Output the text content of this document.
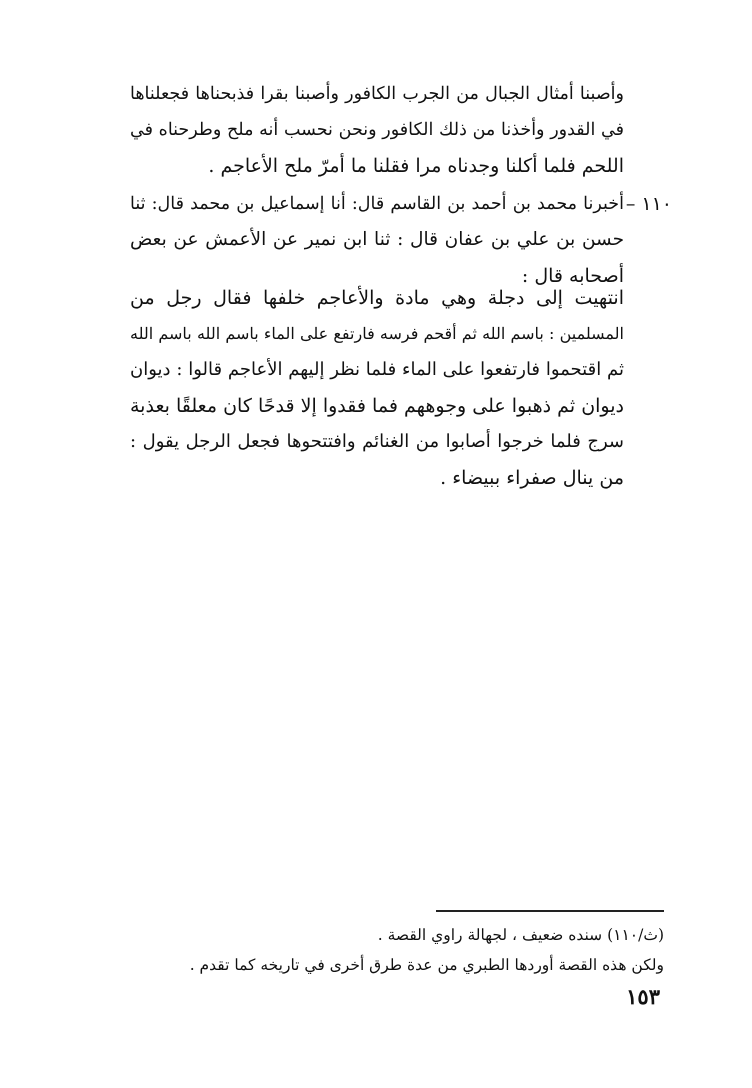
وأصبنا أمثال الجبال من الجرب الكافور وأصبنا بقرا فذبحناها فجعلناها
في القدور وأخذنا من ذلك الكافور ونحن نحسب أنه ملح وطرحناه في
اللحم فلما أكلنا وجدناه مرا فقلنا ما أمرّ ملح الأعاجم .
١١٠ –
أخبرنا محمد بن أحمد بن القاسم قال: أنا إسماعيل بن محمد قال: ثنا
حسن بن علي بن عفان قال : ثنا ابن نمير عن الأعمش عن بعض
أصحابه قال :
انتهيت إلى دجلة وهي مادة والأعاجم خلفها فقال رجل من
المسلمين : باسم الله ثم أقحم فرسه فارتفع على الماء باسم الله باسم الله
ثم اقتحموا فارتفعوا على الماء فلما نظر إليهم الأعاجم قالوا : ديوان
ديوان ثم ذهبوا على وجوههم فما فقدوا إلا قدحًا كان معلقًا بعذبة
سرج فلما خرجوا أصابوا من الغنائم وافتتحوها فجعل الرجل يقول :
من ينال صفراء ببيضاء .
(ث/١١٠) سنده ضعيف ، لجهالة راوي القصة .
ولكن هذه القصة أوردها الطبري من عدة طرق أخرى في تاريخه كما تقدم .
١٥٣
